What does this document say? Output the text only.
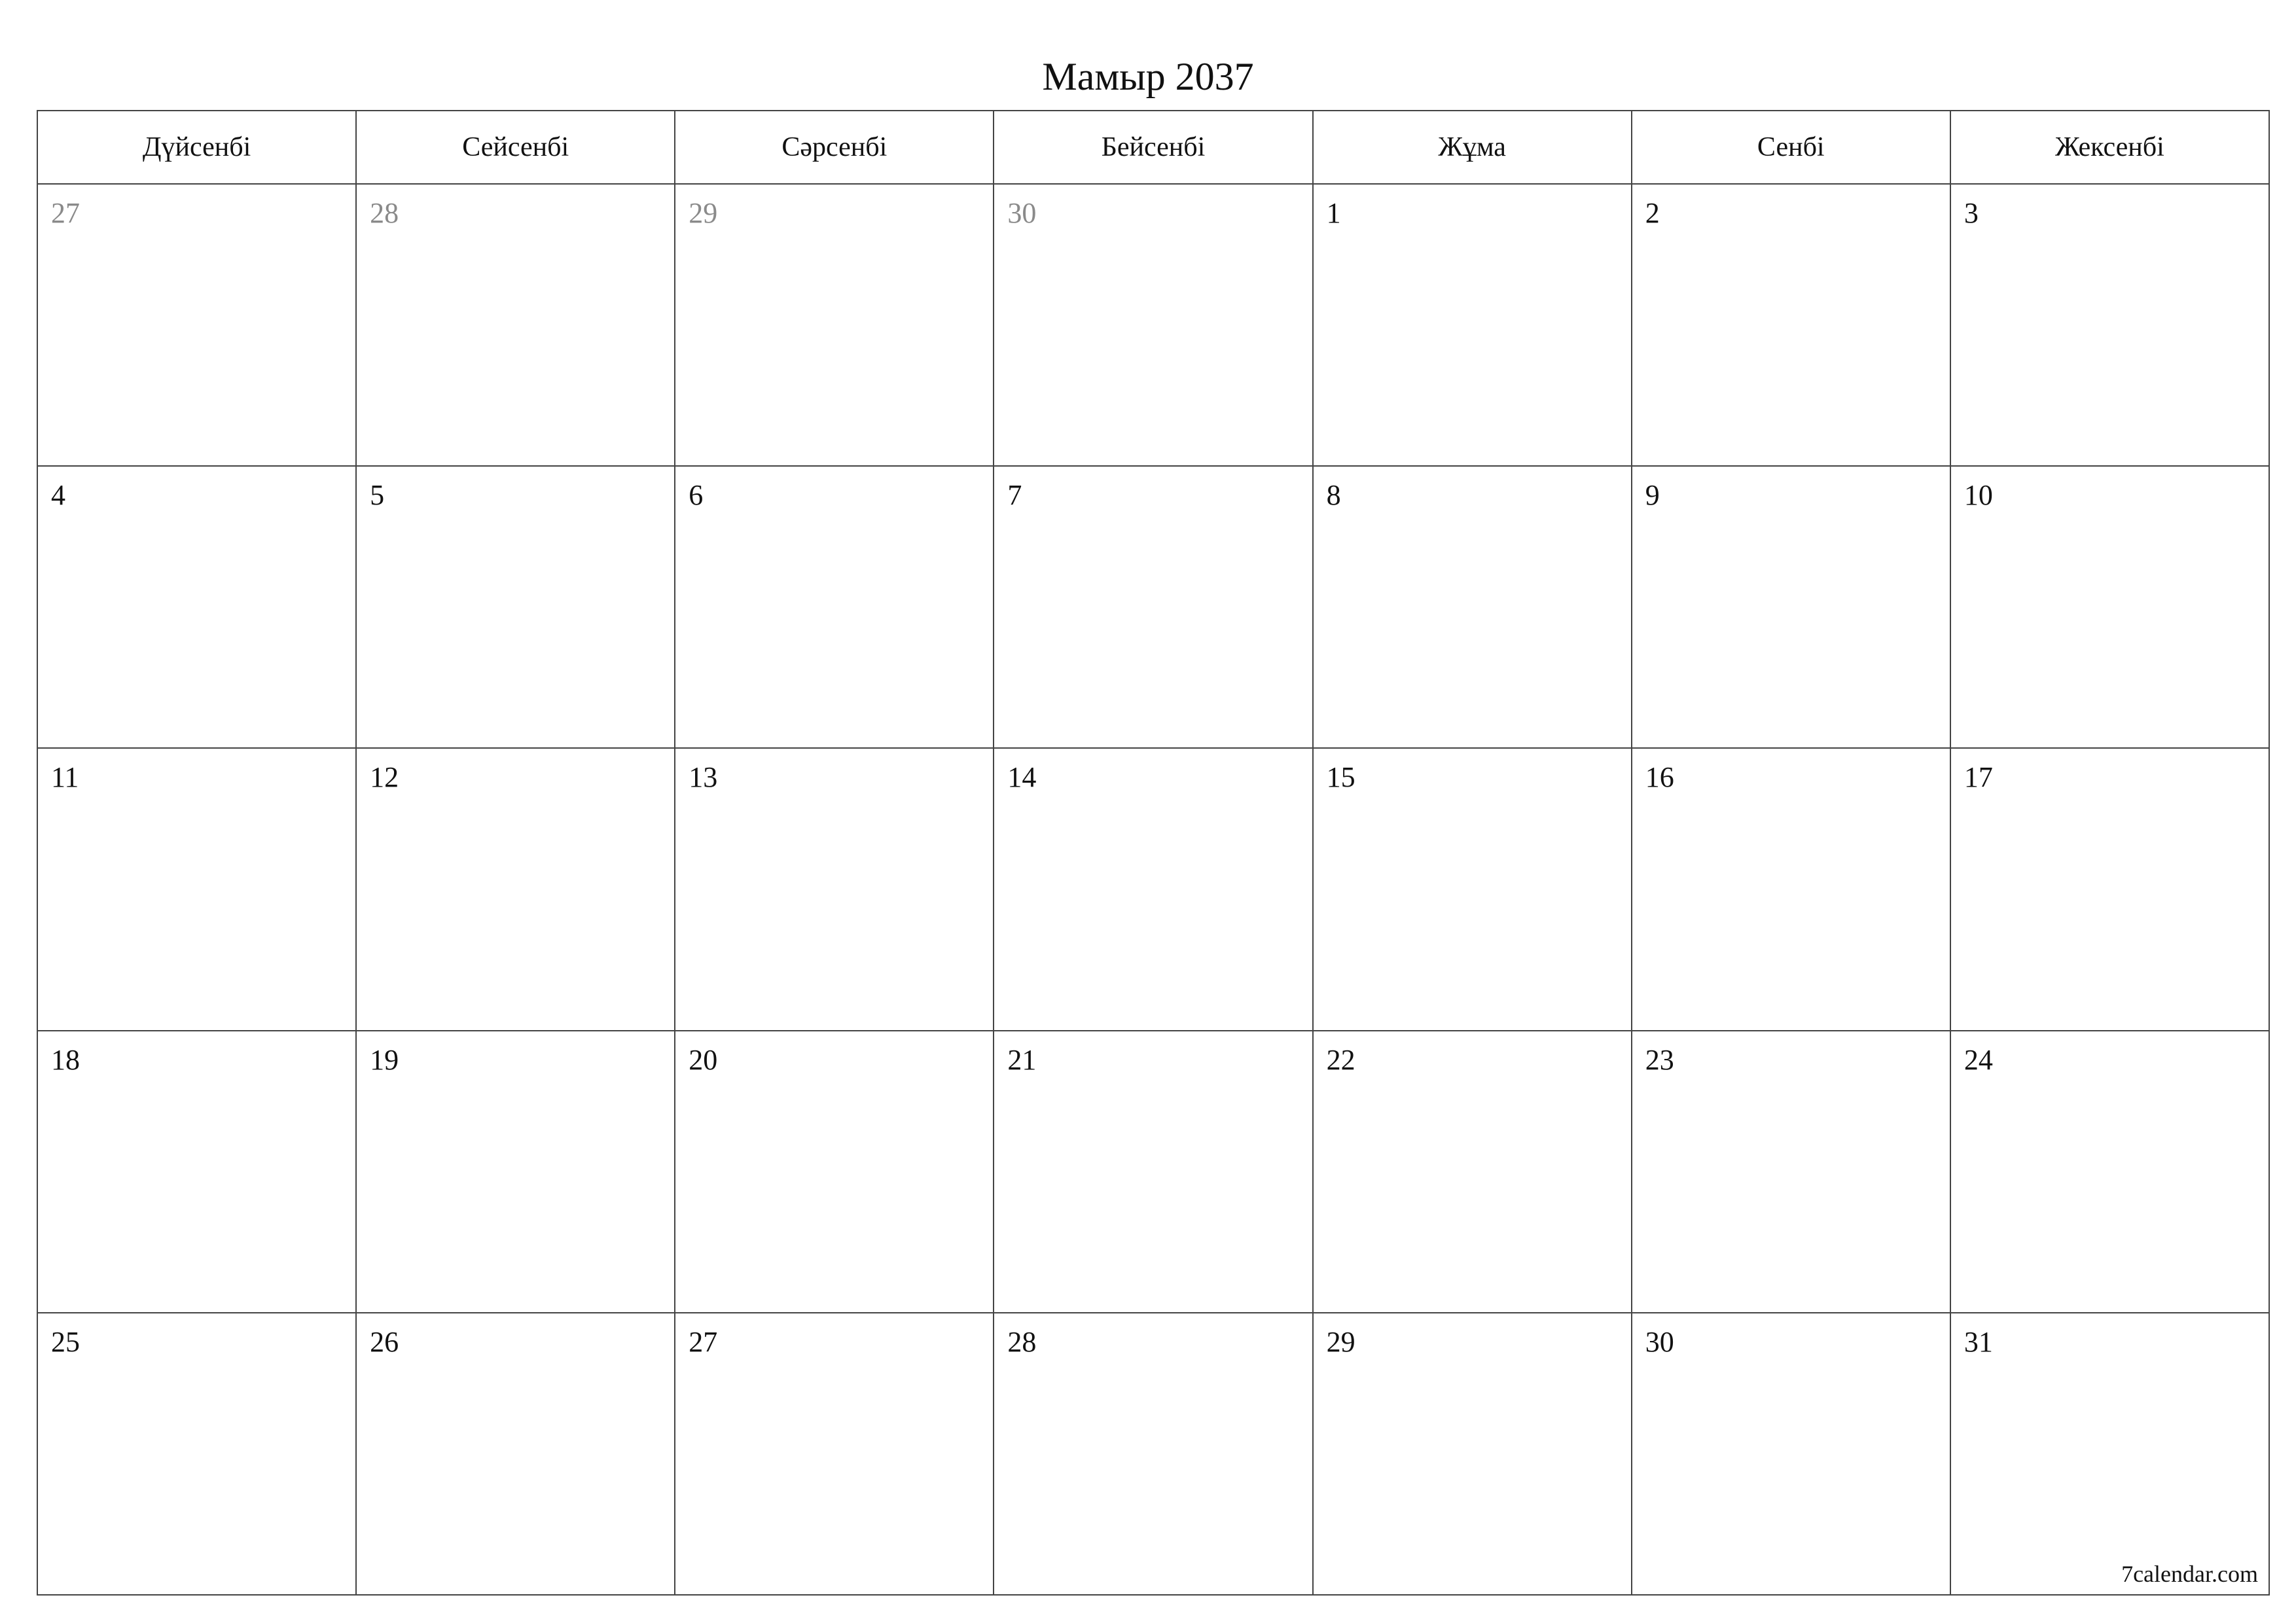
Мамыр 2037
Дүйсенбі	Сейсенбі	Сәрсенбі	Бейсенбі	Жұма	Сенбі	Жексенбі
27	28	29	30	1	2	3
4	5	6	7	8	9	10
11	12	13	14	15	16	17
18	19	20	21	22	23	24
25	26	27	28	29	30	31
7calendar.com
